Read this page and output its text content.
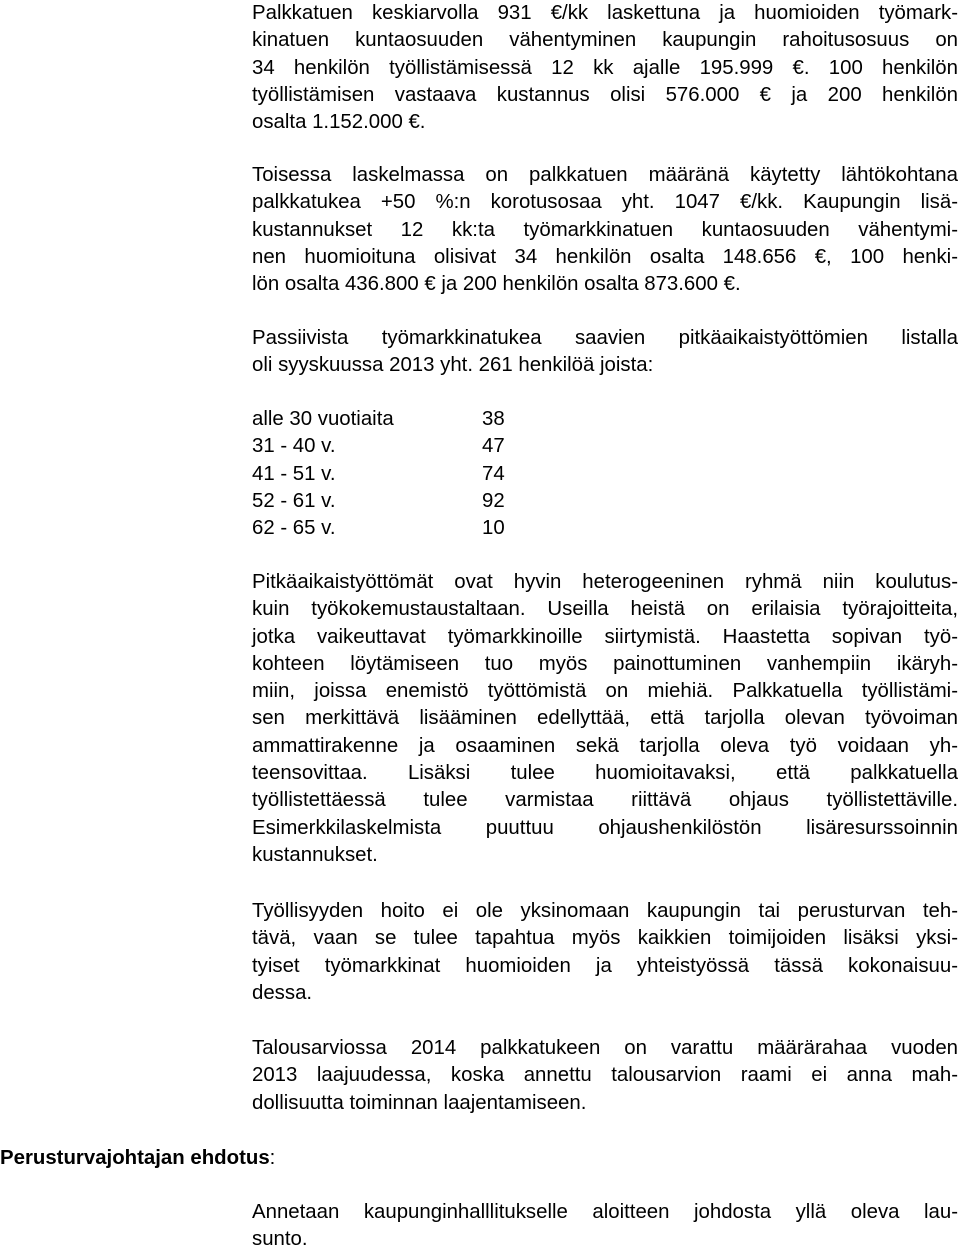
Palkkatuen keskiarvolla 931 €/kk laskettuna ja huomioiden työmark-
kinatuen kuntaosuuden vähentyminen kaupungin rahoitusosuus on
34 henkilön työllistämisessä 12 kk ajalle 195.999 €. 100 henkilön
työllistämisen vastaava kustannus olisi 576.000 € ja 200 henkilön
osalta 1.152.000 €.
Toisessa laskelmassa on palkkatuen määränä käytetty lähtökohtana
palkkatukea +50 %:n korotusosaa yht. 1047 €/kk. Kaupungin lisä-
kustannukset 12 kk:ta työmarkkinatuen kuntaosuuden vähentymi-
nen huomioituna olisivat 34 henkilön osalta 148.656 €, 100 henki-
lön osalta 436.800 € ja 200 henkilön osalta 873.600 €.
Passiivista työmarkkinatukea saavien pitkäaikaistyöttömien listalla
oli syyskuussa 2013 yht. 261 henkilöä joista:
alle 30 vuotiaita	38
31 - 40 v.	47
41 - 51 v.	74
52 - 61 v.	92
62 - 65 v.	10
Pitkäaikaistyöttömät ovat hyvin heterogeeninen ryhmä niin koulutus-
kuin työkokemustaustaltaan. Useilla heistä on erilaisia työrajoitteita,
jotka vaikeuttavat työmarkkinoille siirtymistä. Haastetta sopivan työ-
kohteen löytämiseen tuo myös painottuminen vanhempiin ikäryh-
miin, joissa enemistö työttömistä on miehiä. Palkkatuella työllistämi-
sen merkittävä lisääminen edellyttää, että tarjolla olevan työvoiman
ammattirakenne ja osaaminen sekä tarjolla oleva työ voidaan yh-
teensovittaa. Lisäksi tulee huomioitavaksi, että palkkatuella
työllistettäessä tulee varmistaa riittävä ohjaus työllistettäville.
Esimerkkilaskelmista puuttuu ohjaushenkilöstön lisäresurssoinnin
kustannukset.
Työllisyyden hoito ei ole yksinomaan kaupungin tai perusturvan teh-
tävä, vaan se tulee tapahtua myös kaikkien toimijoiden lisäksi yksi-
tyiset työmarkkinat huomioiden ja yhteistyössä tässä kokonaisuu-
dessa.
Talousarviossa 2014 palkkatukeen on varattu määrärahaa vuoden
2013 laajuudessa, koska annettu talousarvion raami ei anna mah-
dollisuutta toiminnan laajentamiseen.
Annetaan kaupunginhalllitukselle aloitteen johdosta yllä oleva lau-
sunto.
Perusturvajohtajan ehdotus:
